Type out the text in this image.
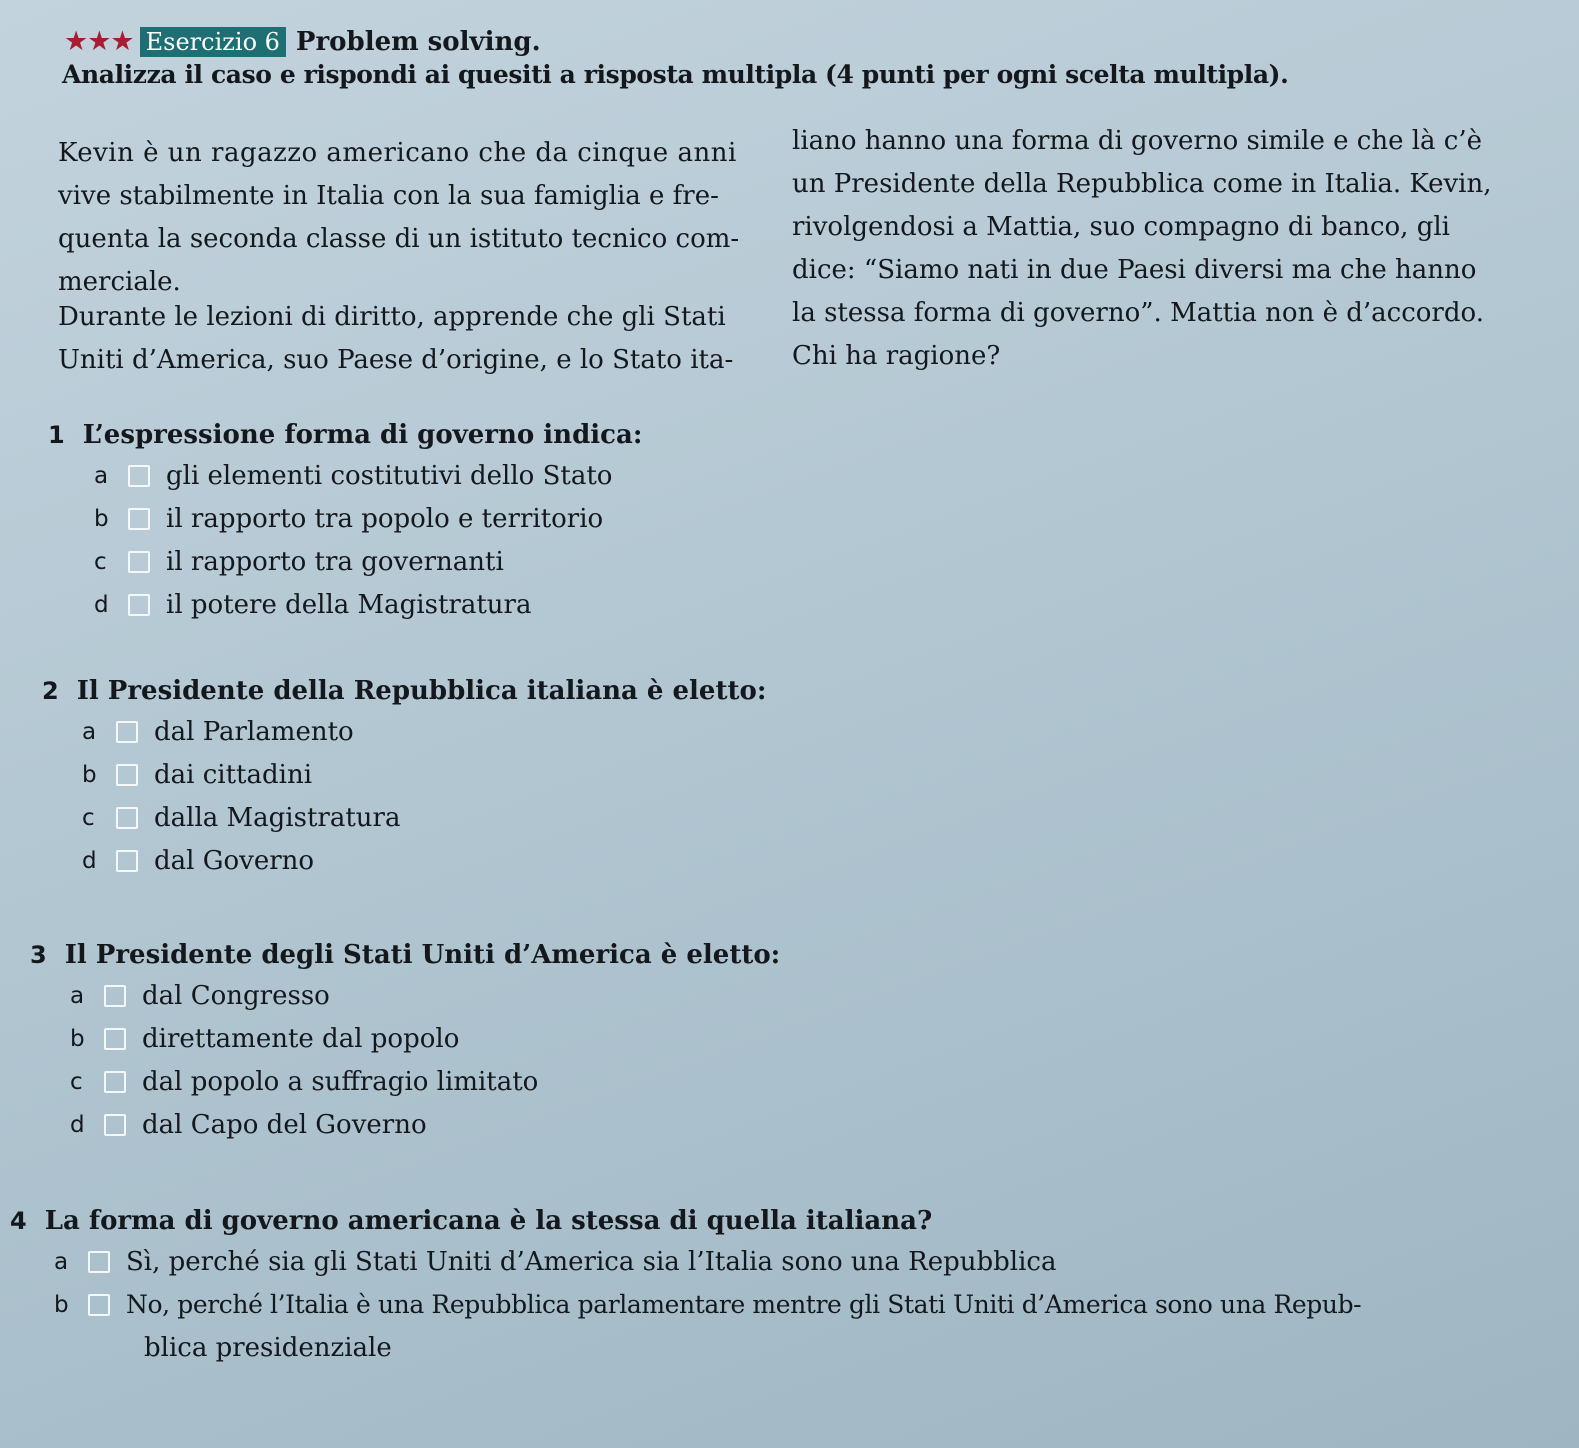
★★★ Esercizio 6 Problem solving.
Analizza il caso e rispondi ai quesiti a risposta multipla (4 punti per ogni scelta multipla).
Kevin è un ragazzo americano che da cinque anni
vive stabilmente in Italia con la sua famiglia e fre-
quenta la seconda classe di un istituto tecnico com-
merciale.
Durante le lezioni di diritto, apprende che gli Stati
Uniti d’America, suo Paese d’origine, e lo Stato ita-
liano hanno una forma di governo simile e che là c’è
un Presidente della Repubblica come in Italia. Kevin,
rivolgendosi a Mattia, suo compagno di banco, gli
dice: “Siamo nati in due Paesi diversi ma che hanno
la stessa forma di governo”. Mattia non è d’accordo.
Chi ha ragione?
1 L’espressione forma di governo indica:
a	gli elementi costitutivi dello Stato
b	il rapporto tra popolo e territorio
c	il rapporto tra governanti
d	il potere della Magistratura
2 Il Presidente della Repubblica italiana è eletto:
a	dal Parlamento
b	dai cittadini
c	dalla Magistratura
d	dal Governo
3 Il Presidente degli Stati Uniti d’America è eletto:
a	dal Congresso
b	direttamente dal popolo
c	dal popolo a suffragio limitato
d	dal Capo del Governo
4 La forma di governo americana è la stessa di quella italiana?
a	Sì, perché sia gli Stati Uniti d’America sia l’Italia sono una Repubblica
b	No, perché l’Italia è una Repubblica parlamentare mentre gli Stati Uniti d’America sono una Repub-
blica presidenziale
